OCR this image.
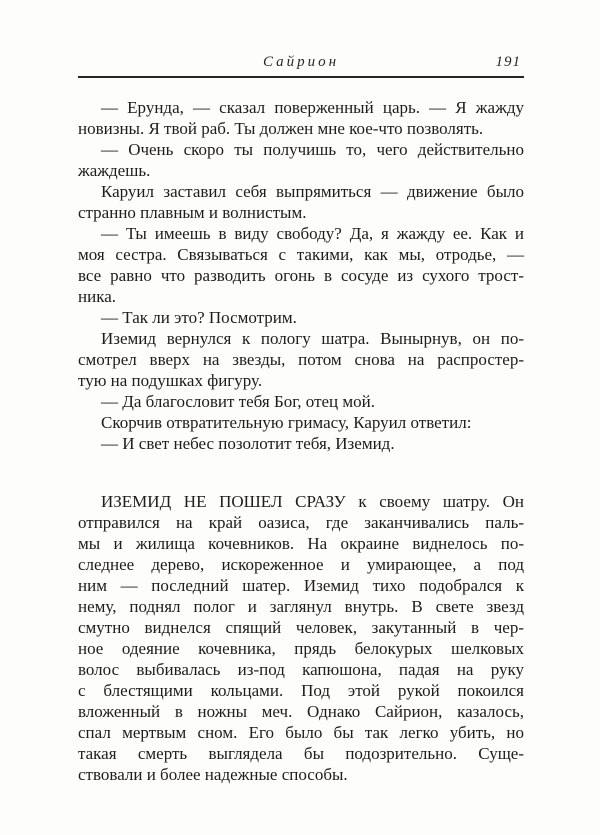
Сайрион	191
— Ерунда, — сказал поверженный царь. — Я жажду
новизны. Я твой раб. Ты должен мне кое-что позволять.
— Очень скоро ты получишь то, чего действительно
жаждешь.
Каруил заставил себя выпрямиться — движение было
странно плавным и волнистым.
— Ты имеешь в виду свободу? Да, я жажду ее. Как и
моя сестра. Связываться с такими, как мы, отродье, —
все равно что разводить огонь в сосуде из сухого трост-
ника.
— Так ли это? Посмотрим.
Иземид вернулся к пологу шатра. Вынырнув, он по-
смотрел вверх на звезды, потом снова на распростер-
тую на подушках фигуру.
— Да благословит тебя Бог, отец мой.
Скорчив отвратительную гримасу, Каруил ответил:
— И свет небес позолотит тебя, Иземид.
ИЗЕМИД НЕ ПОШЕЛ СРАЗУ к своему шатру. Он
отправился на край оазиса, где заканчивались паль-
мы и жилища кочевников. На окраине виднелось по-
следнее дерево, искореженное и умирающее, а под
ним — последний шатер. Иземид тихо подобрался к
нему, поднял полог и заглянул внутрь. В свете звезд
смутно виднелся спящий человек, закутанный в чер-
ное одеяние кочевника, прядь белокурых шелковых
волос выбивалась из-под капюшона, падая на руку
с блестящими кольцами. Под этой рукой покоился
вложенный в ножны меч. Однако Сайрион, казалось,
спал мертвым сном. Его было бы так легко убить, но
такая смерть выглядела бы подозрительно. Суще-
ствовали и более надежные способы.
